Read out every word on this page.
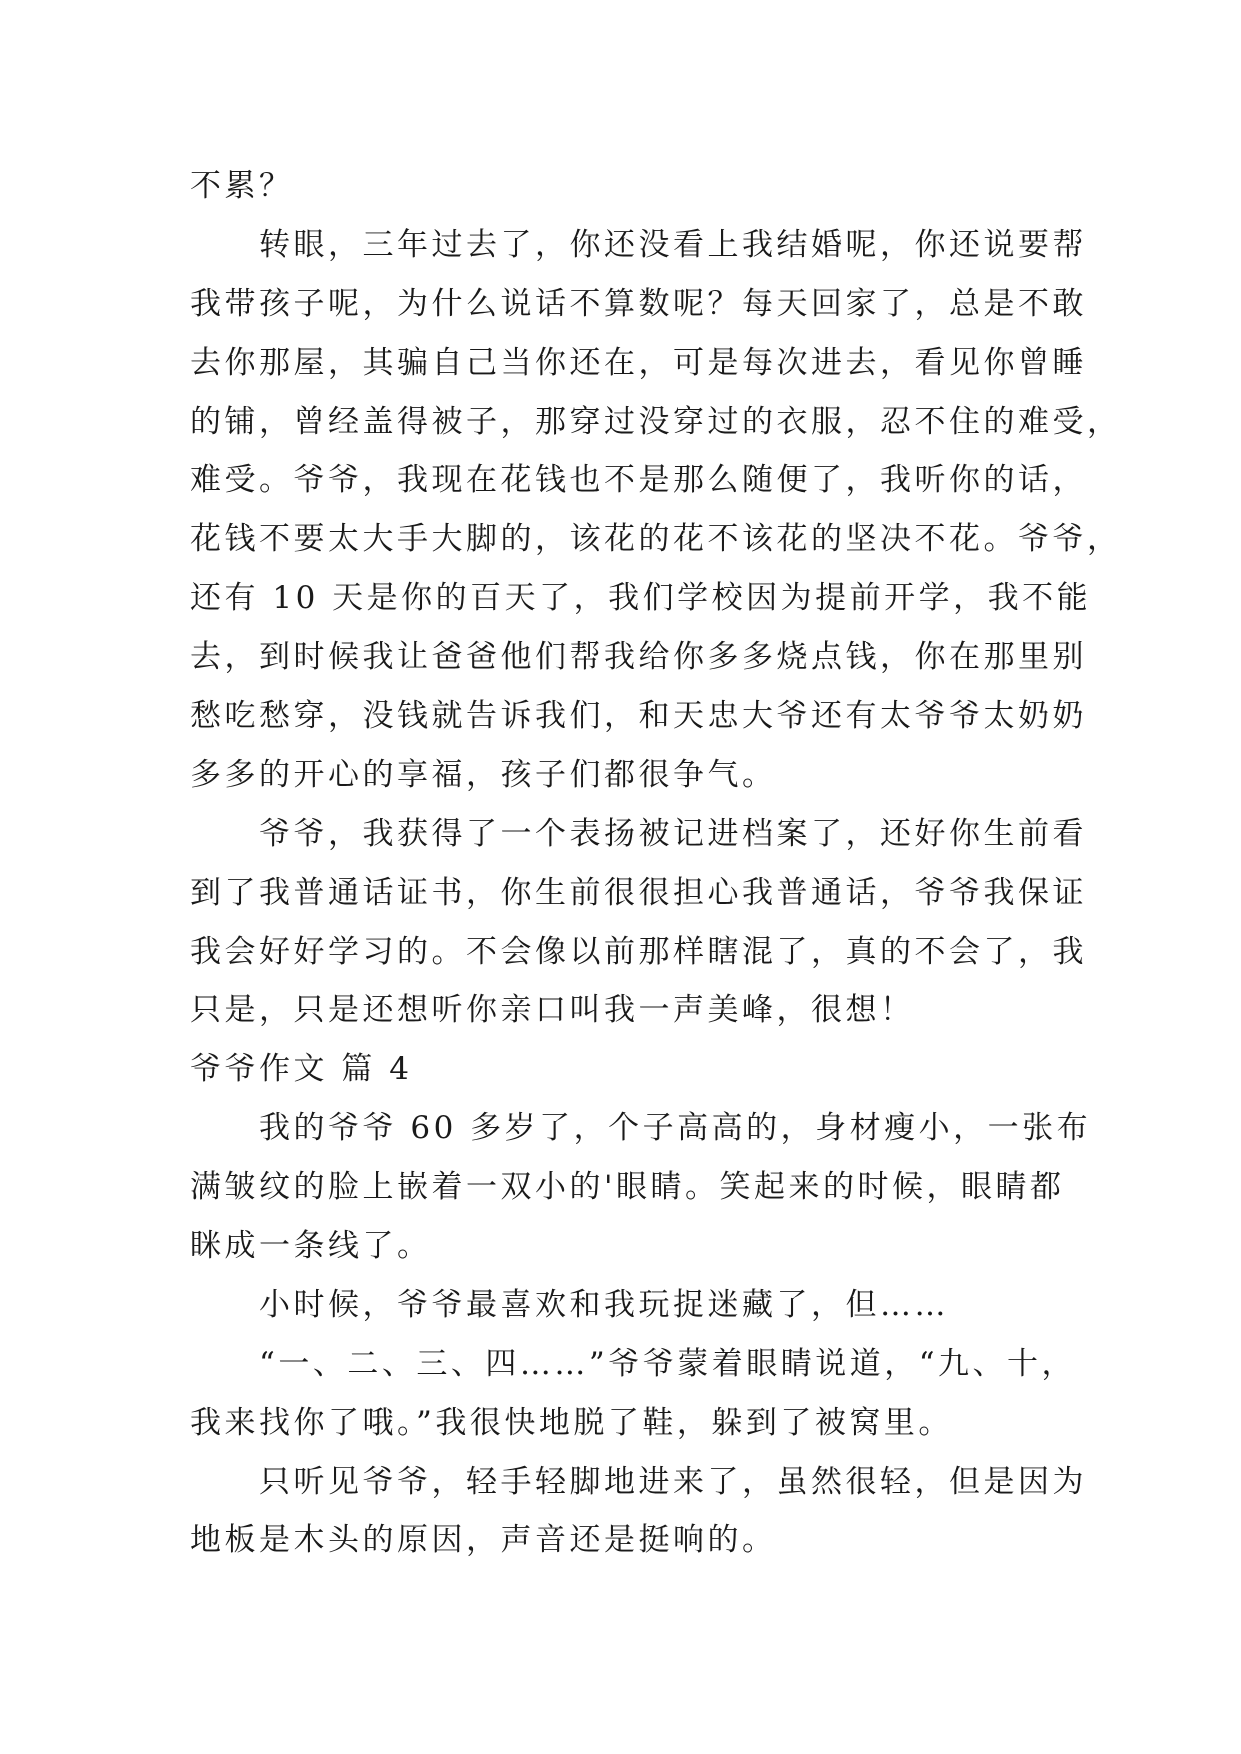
不累？
　　转眼，三年过去了，你还没看上我结婚呢，你还说要帮
我带孩子呢，为什么说话不算数呢？每天回家了，总是不敢
去你那屋，其骗自己当你还在，可是每次进去，看见你曾睡
的铺，曾经盖得被子，那穿过没穿过的衣服，忍不住的难受，
难受。爷爷，我现在花钱也不是那么随便了，我听你的话，
花钱不要太大手大脚的，该花的花不该花的坚决不花。爷爷，
还有 10 天是你的百天了，我们学校因为提前开学，我不能
去，到时候我让爸爸他们帮我给你多多烧点钱，你在那里别
愁吃愁穿，没钱就告诉我们，和天忠大爷还有太爷爷太奶奶
多多的开心的享福，孩子们都很争气。
　　爷爷，我获得了一个表扬被记进档案了，还好你生前看
到了我普通话证书，你生前很很担心我普通话，爷爷我保证
我会好好学习的。不会像以前那样瞎混了，真的不会了，我
只是，只是还想听你亲口叫我一声美峰，很想！
爷爷作文 篇 4
　　我的爷爷 60 多岁了，个子高高的，身材瘦小，一张布
满皱纹的脸上嵌着一双小的'眼睛。笑起来的时候，眼睛都
眯成一条线了。
　　小时候，爷爷最喜欢和我玩捉迷藏了，但……
　　“一、二、三、四……”爷爷蒙着眼睛说道，“九、十，
我来找你了哦。”我很快地脱了鞋，躲到了被窝里。
　　只听见爷爷，轻手轻脚地进来了，虽然很轻，但是因为
地板是木头的原因，声音还是挺响的。
